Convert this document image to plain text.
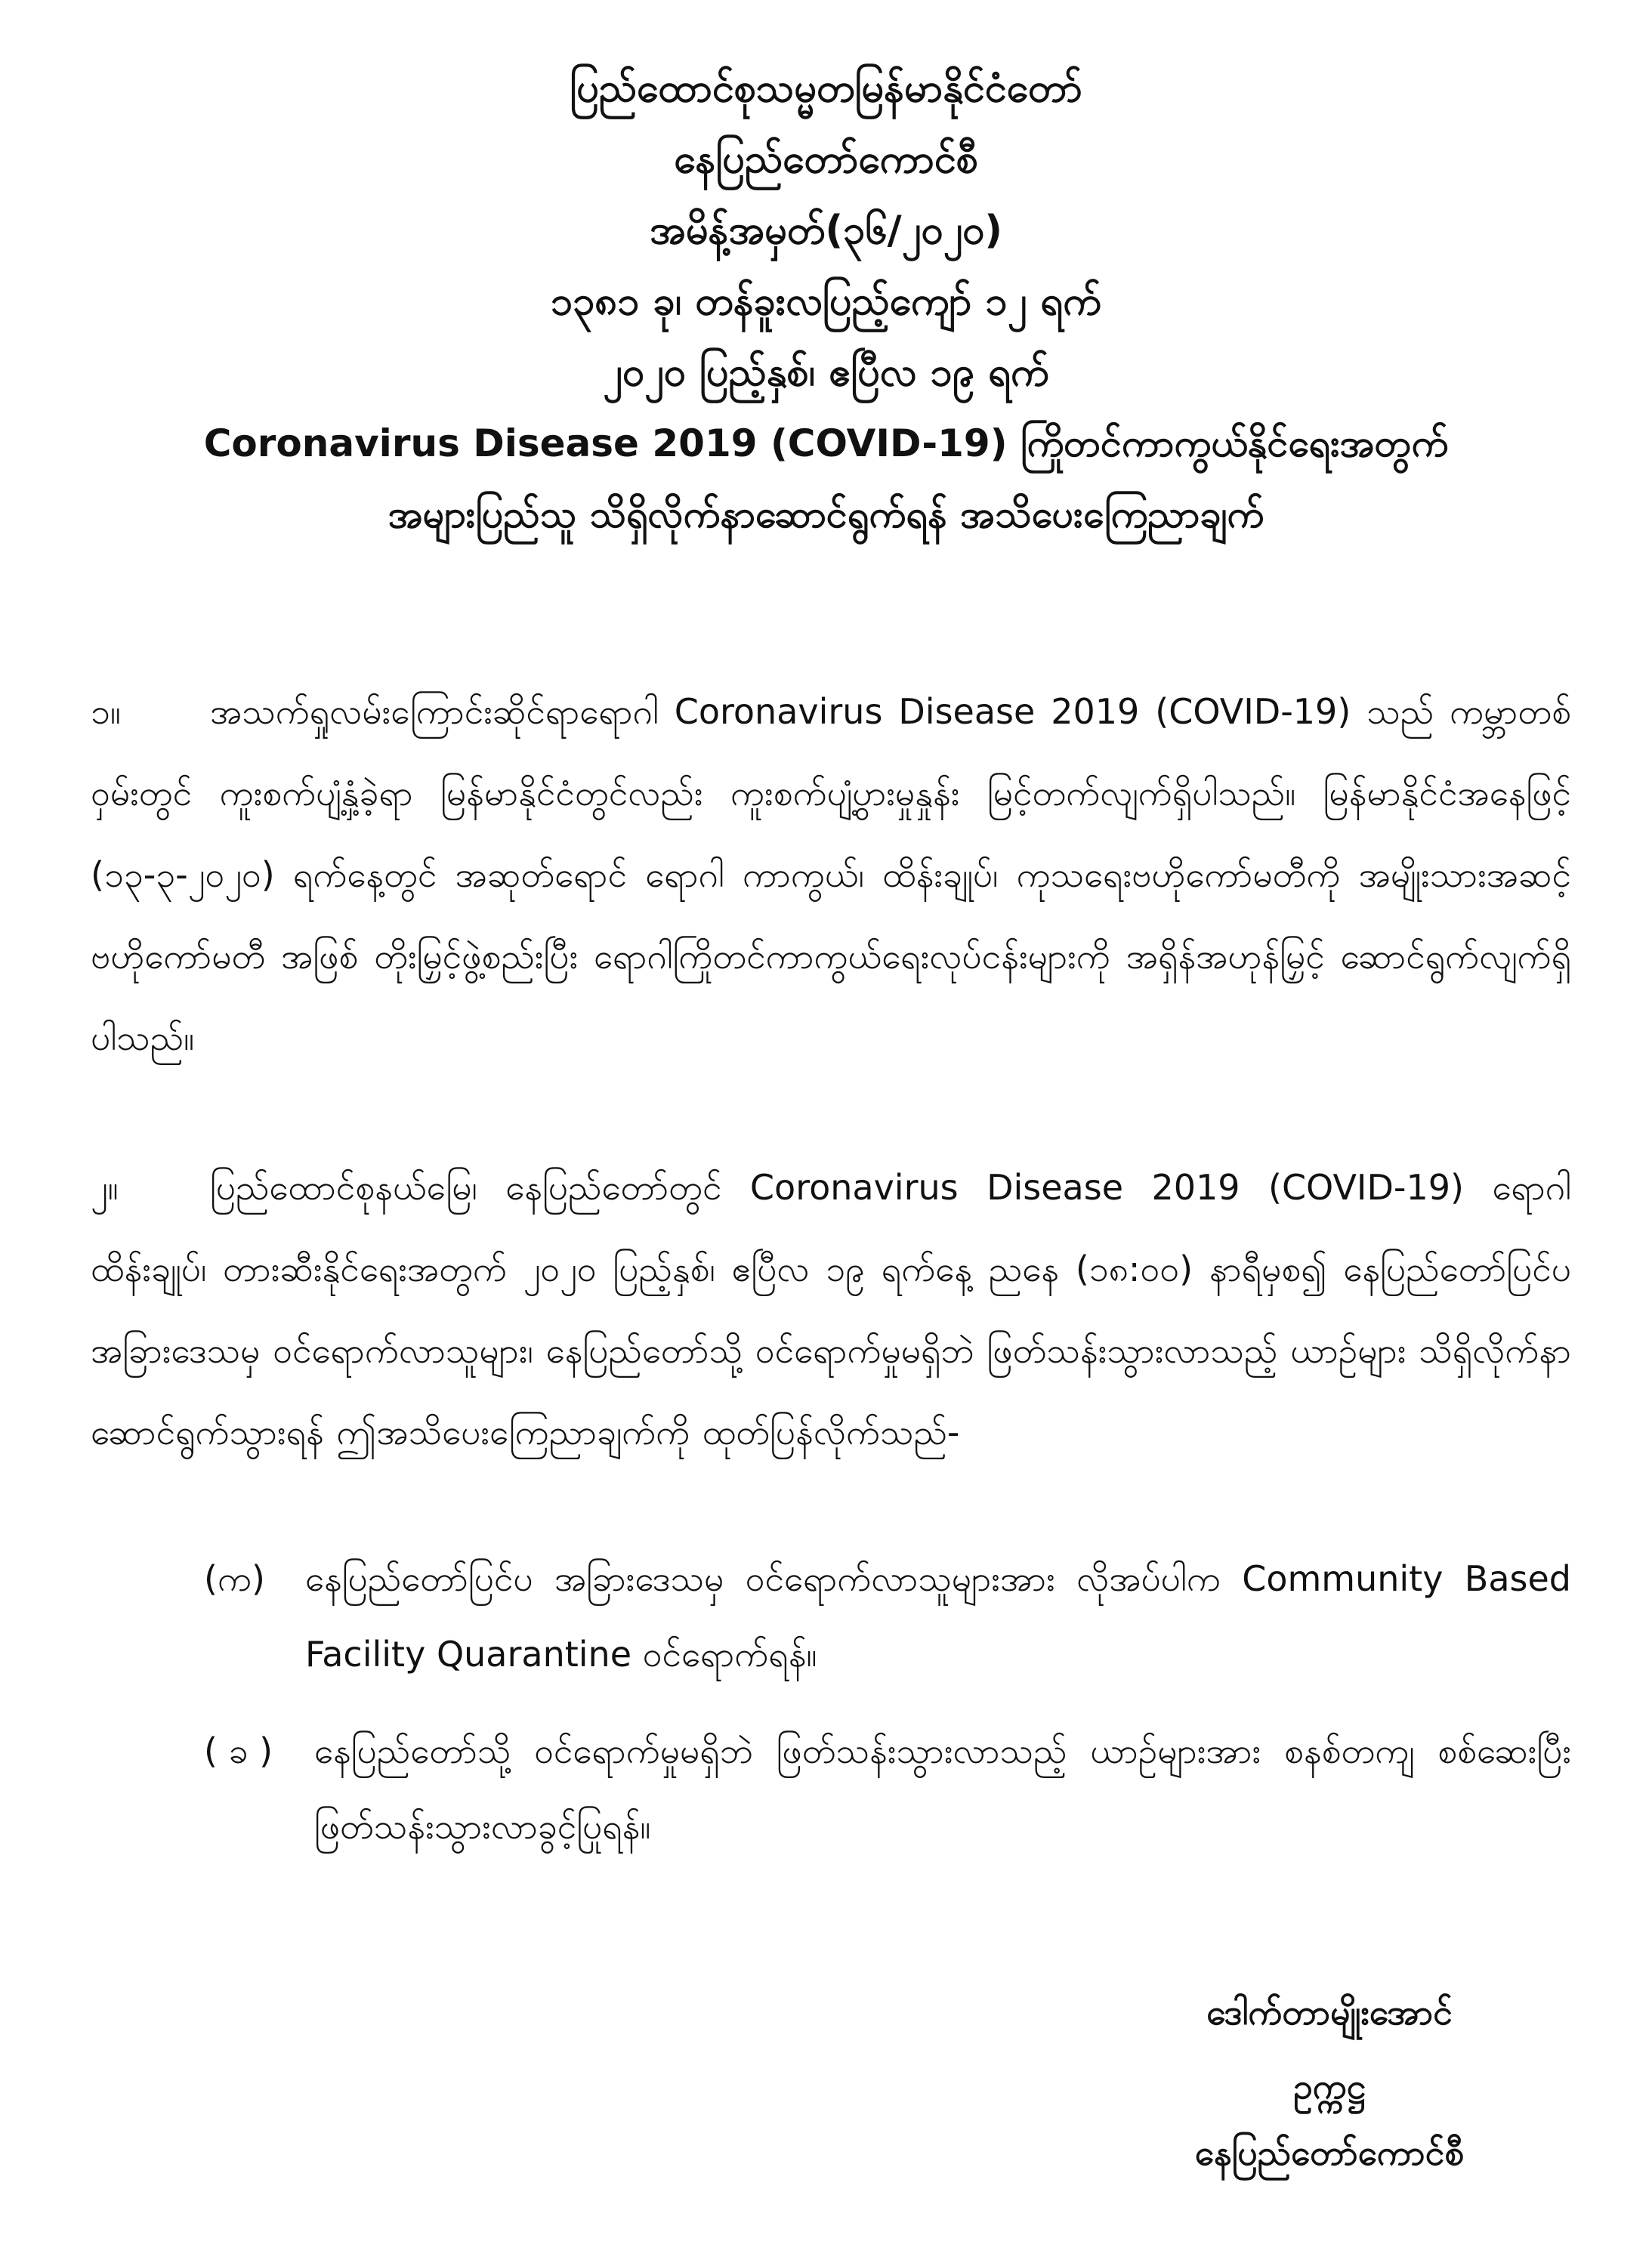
ပြည်ထောင်စုသမ္မတမြန်မာနိုင်ငံတော်
နေပြည်တော်ကောင်စီ
အမိန့်အမှတ်(၃၆/၂၀၂၀)
၁၃၈၁ ခု၊ တန်ခူးလပြည့်ကျော် ၁၂ ရက်
၂၀၂၀ ပြည့်နှစ်၊ ဧပြီလ ၁၉ ရက်
Coronavirus Disease 2019 (COVID-19) ကြိုတင်ကာကွယ်နိုင်ရေးအတွက်
အများပြည်သူ သိရှိလိုက်နာဆောင်ရွက်ရန် အသိပေးကြေညာချက်
၁။	အသက်ရှုလမ်းကြောင်းဆိုင်ရာရောဂါ Coronavirus Disease 2019 (COVID-19) သည် ကမ္ဘာတစ်ဝှမ်းတွင် ကူးစက်ပျံ့နှံ့ခဲ့ရာ မြန်မာနိုင်ငံတွင်လည်း ကူးစက်ပျံ့ပွားမှုနှုန်း မြင့်တက်လျက်ရှိပါသည်။ မြန်မာနိုင်ငံအနေဖြင့် (၁၃-၃-၂၀၂၀) ရက်နေ့တွင် အဆုတ်ရောင် ရောဂါ ကာကွယ်၊ ထိန်းချုပ်၊ ကုသရေးဗဟိုကော်မတီကို အမျိုးသားအဆင့် ဗဟိုကော်မတီ အဖြစ် တိုးမြှင့်ဖွဲ့စည်းပြီး ရောဂါကြိုတင်ကာကွယ်ရေးလုပ်ငန်းများကို အရှိန်အဟုန်မြှင့် ဆောင်ရွက်လျက်ရှိပါသည်။
၂။	ပြည်ထောင်စုနယ်မြေ၊ နေပြည်တော်တွင် Coronavirus Disease 2019 (COVID-19) ရောဂါ ထိန်းချုပ်၊ တားဆီးနိုင်ရေးအတွက် ၂၀၂၀ ပြည့်နှစ်၊ ဧပြီလ ၁၉ ရက်နေ့ ညနေ (၁၈:၀၀) နာရီမှစ၍ နေပြည်တော်ပြင်ပ အခြားဒေသမှ ဝင်ရောက်လာသူများ၊ နေပြည်တော်သို့ ဝင်ရောက်မှုမရှိဘဲ ဖြတ်သန်းသွားလာသည့် ယာဉ်များ သိရှိလိုက်နာ ဆောင်ရွက်သွားရန် ဤအသိပေးကြေညာချက်ကို ထုတ်ပြန်လိုက်သည်-
(က)	နေပြည်တော်ပြင်ပ အခြားဒေသမှ ဝင်ရောက်လာသူများအား လိုအပ်ပါက Community Based Facility Quarantine ဝင်ရောက်ရန်။
( ခ )	နေပြည်တော်သို့ ဝင်ရောက်မှုမရှိဘဲ ဖြတ်သန်းသွားလာသည့် ယာဉ်များအား စနစ်တကျ စစ်ဆေးပြီး ဖြတ်သန်းသွားလာခွင့်ပြုရန်။
ဒေါက်တာမျိုးအောင်
ဥက္ကဋ္ဌ
နေပြည်တော်ကောင်စီ
